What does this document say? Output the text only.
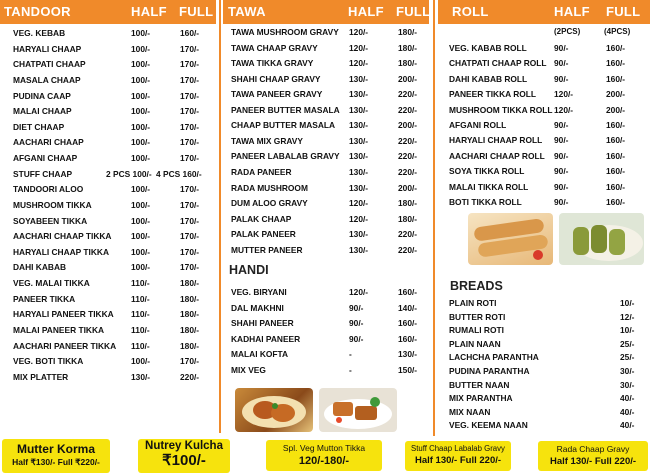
TANDOOR	HALF FULL
VEG. KEBAB	100/-	160/-
HARYALI CHAAP	100/-	170/-
CHATPATI CHAAP	100/-	170/-
MASALA CHAAP	100/-	170/-
PUDINA CAAP	100/-	170/-
MALAI CHAAP	100/-	170/-
DIET CHAAP	100/-	170/-
AACHARI CHAAP	100/-	170/-
AFGANI CHAAP	100/-	170/-
STUFF CHAAP	2 PCS 100/- 4 PCS 160/-
TANDOORI ALOO	100/-	170/-
MUSHROOM TIKKA	100/-	170/-
SOYABEEN TIKKA	100/-	170/-
AACHARI CHAAP TIKKA 100/-	170/-
HARYALI CHAAP TIKKA	100/-	170/-
DAHI KABAB	100/-	170/-
VEG. MALAI TIKKA	110/-	180/-
PANEER TIKKA	110/-	180/-
HARYALI PANEER TIKKA 110/-	180/-
MALAI PANEER TIKKA	110/-	180/-
AACHARI PANEER TIKKA 110/-	180/-
VEG. BOTI TIKKA	100/-	170/-
MIX PLATTER	130/-	220/-
TAWA	HALF FULL
TAWA MUSHROOM GRAVY 120/-	180/-
TAWA CHAAP GRAVY	120/-	180/-
TAWA TIKKA GRAVY	120/-	180/-
SHAHI CHAAP GRAVY	130/-	200/-
TAWA PANEER GRAVY	130/-	220/-
PANEER BUTTER MASALA 130/-	220/-
CHAAP BUTTER MASALA 130/-	200/-
TAWA MIX GRAVY	130/-	220/-
PANEER LABALAB GRAVY 130/-	220/-
RADA PANEER	130/-	220/-
RADA MUSHROOM	130/-	200/-
DUM ALOO GRAVY	120/-	180/-
PALAK CHAAP	120/-	180/-
PALAK PANEER	130/-	220/-
MUTTER PANEER	130/-	220/-
HANDI
VEG. BIRYANI	120/-	160/-
DAL MAKHNI	90/-	140/-
SHAHI PANEER	90/-	160/-
KADHAI PANEER	90/-	160/-
MALAI KOFTA	-	130/-
MIX VEG	-	150/-
ROLL	HALF FULL
(2PCS)	(4PCS)
VEG. KABAB ROLL	90/-	160/-
CHATPATI CHAAP ROLL 90/-	160/-
DAHI KABAB ROLL	90/-	160/-
PANEER TIKKA ROLL 120/-	200/-
MUSHROOM TIKKA ROLL 120/-	200/-
AFGANI ROLL	90/-	160/-
HARYALI CHAAP ROLL 90/-	160/-
AACHARI CHAAP ROLL 90/-	160/-
SOYA TIKKA ROLL	90/-	160/-
MALAI TIKKA ROLL	90/-	160/-
BOTI TIKKA ROLL	90/-	160/-
BREADS
PLAIN ROTI	10/-
BUTTER ROTI	12/-
RUMALI ROTI	10/-
PLAIN NAAN	25/-
LACHCHA PARANTHA	25/-
PUDINA PARANTHA	30/-
BUTTER NAAN	30/-
MIX PARANTHA	40/-
MIX NAAN	40/-
VEG. KEEMA NAAN	40/-
Mutter Korma
Half ₹130/- Full ₹220/-
Nutrey Kulcha
₹100/-
Spl. Veg Mutton Tikka
120/-180/-
Stuff Chaap Labalab Gravy
Half 130/- Full 220/-
Rada Chaap Gravy
Half 130/- Full 220/-
